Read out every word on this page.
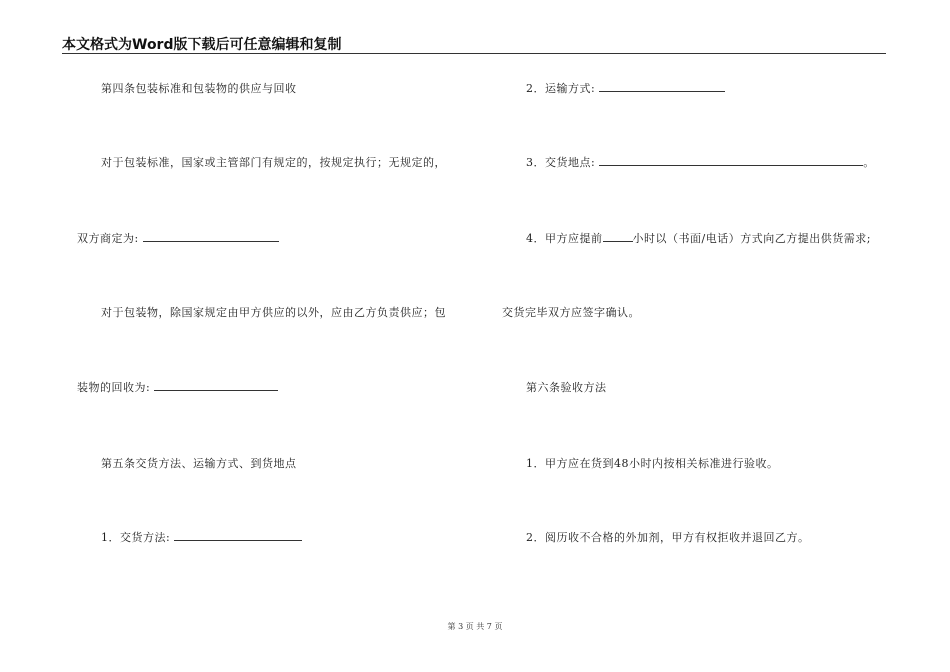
本文格式为Word版下载后可任意编辑和复制
第四条包装标准和包装物的供应与回收
对于包装标准，国家或主管部门有规定的，按规定执行；无规定的，
双方商定为:
对于包装物，除国家规定由甲方供应的以外，应由乙方负责供应；包
装物的回收为:
第五条交货方法、运输方式、到货地点
1．交货方法:
2．运输方式:
3．交货地点:	。
4．甲方应提前	小时以（书面/电话）方式向乙方提出供货需求;
交货完毕双方应签字确认。
第六条验收方法
1．甲方应在货到48小时内按相关标准进行验收。
2．阅历收不合格的外加剂，甲方有权拒收并退回乙方。
第 3 页 共 7 页
